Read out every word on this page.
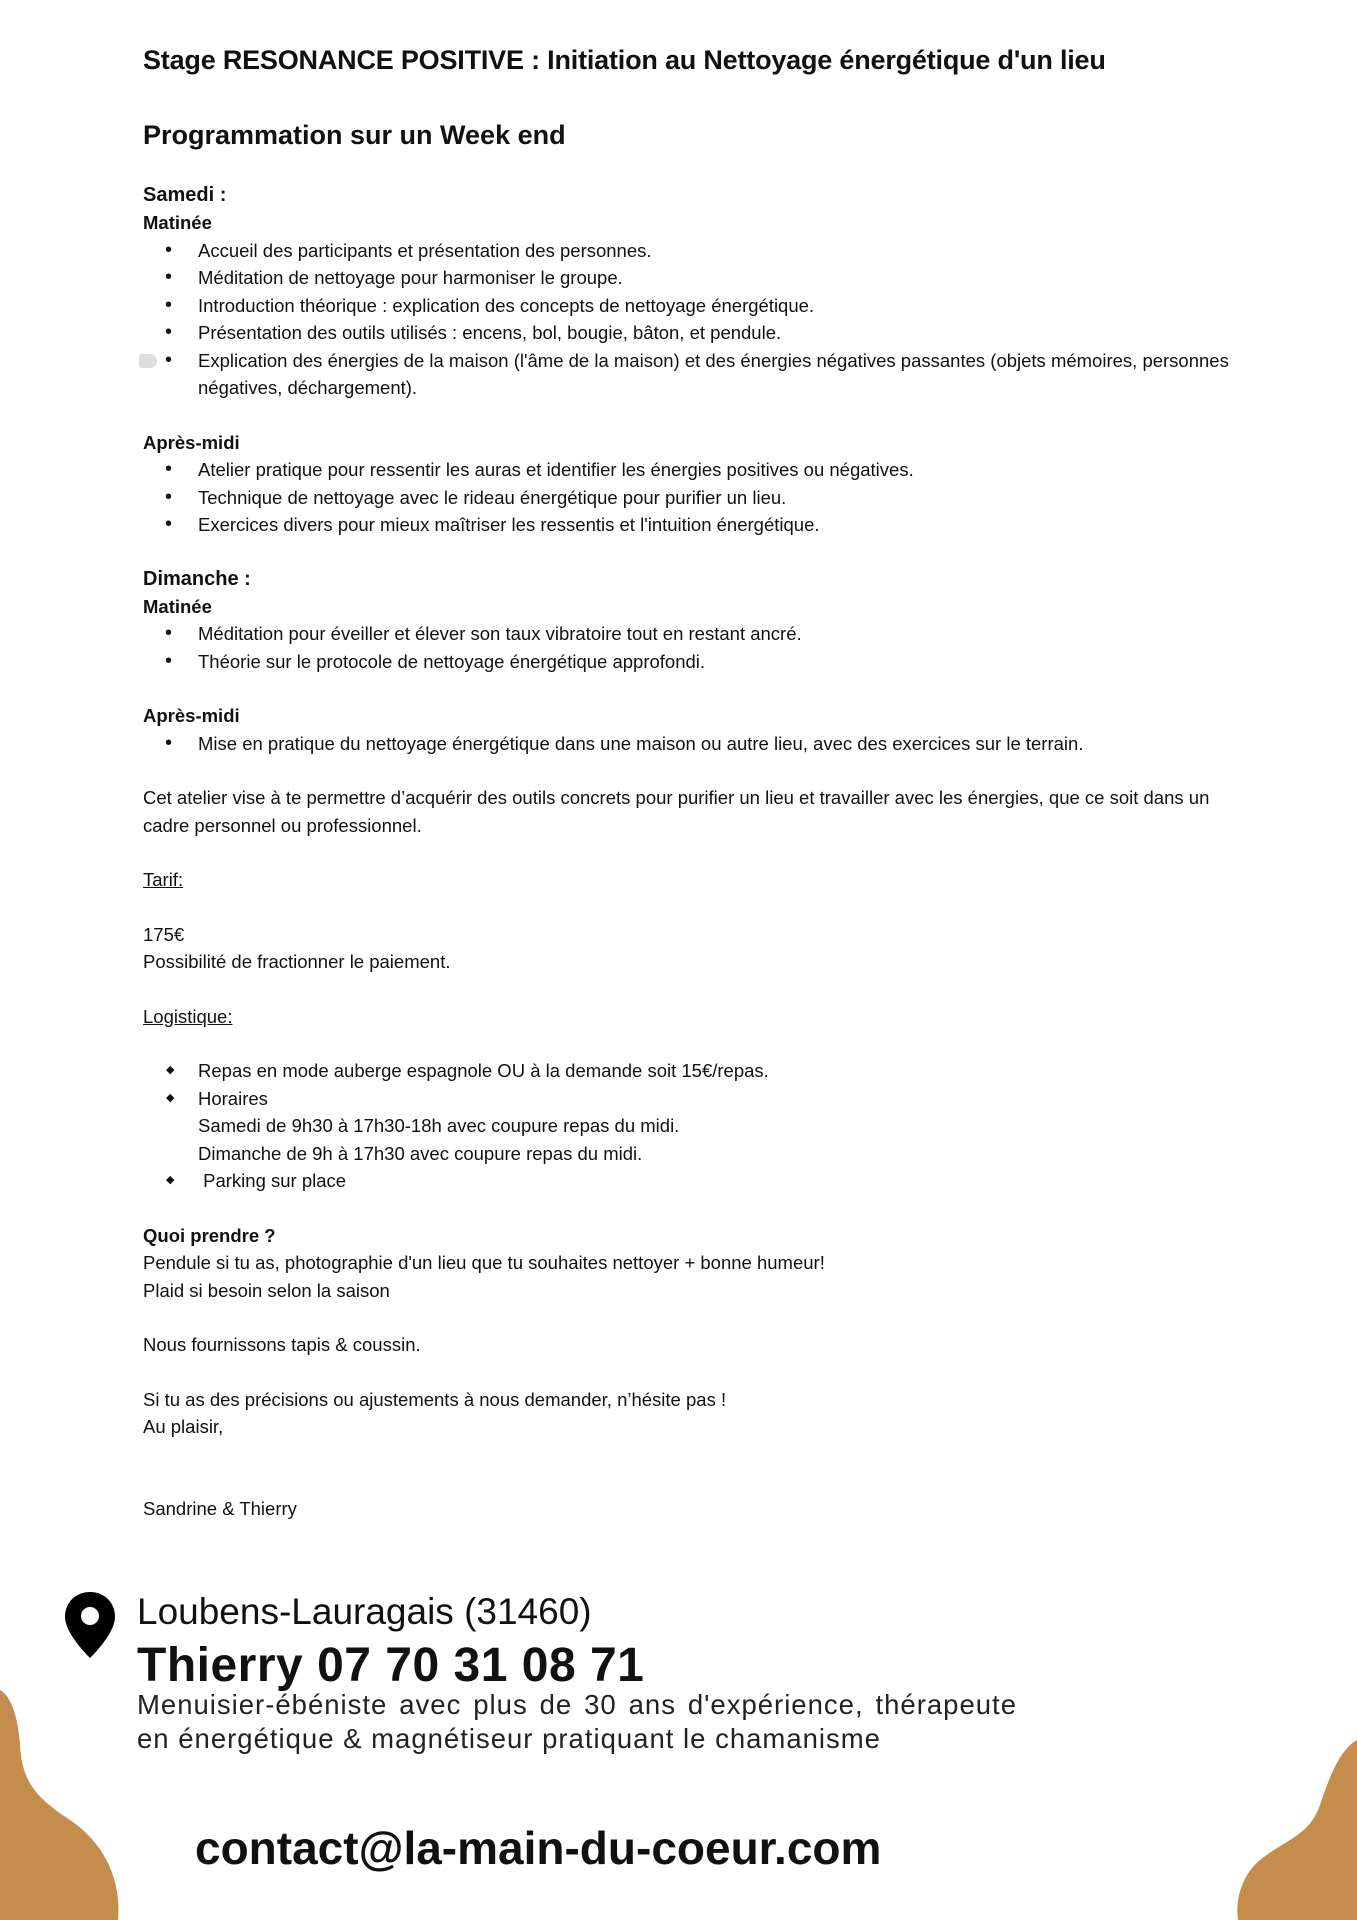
Stage RESONANCE POSITIVE : Initiation au Nettoyage énergétique d'un lieu
Programmation sur un Week end

Samedi :

Matinée

• Accueil des participants et présentation des personnes.
• Méditation de nettoyage pour harmoniser le groupe.
• Introduction théorique : explication des concepts de nettoyage énergétique.
• Présentation des outils utilisés : encens, bol, bougie, bâton, et pendule.
• Explication des énergies de la maison (l'âme de la maison) et des énergies négatives passantes (objets mémoires, personnes négatives, déchargement).

Après-midi

• Atelier pratique pour ressentir les auras et identifier les énergies positives ou négatives.
• Technique de nettoyage avec le rideau énergétique pour purifier un lieu.
• Exercices divers pour mieux maîtriser les ressentis et l'intuition énergétique.

Dimanche :

Matinée

• Méditation pour éveiller et élever son taux vibratoire tout en restant ancré.
• Théorie sur le protocole de nettoyage énergétique approfondi.

Après-midi

• Mise en pratique du nettoyage énergétique dans une maison ou autre lieu, avec des exercices sur le terrain.

Cet atelier vise à te permettre d’acquérir des outils concrets pour purifier un lieu et travailler avec les énergies, que ce soit dans un cadre personnel ou professionnel.

Tarif:

175€

Possibilité de fractionner le paiement.

Logistique:

◆ Repas en mode auberge espagnole OU à la demande soit 15€/repas.
◆ Horaires
Samedi de 9h30 à 17h30-18h avec coupure repas du midi.
Dimanche de 9h à 17h30 avec coupure repas du midi.
◆  Parking sur place

Quoi prendre ?

Pendule si tu as, photographie d'un lieu que tu souhaites nettoyer + bonne humeur!

Plaid si besoin selon la saison

Nous fournissons tapis & coussin.

Si tu as des précisions ou ajustements à nous demander, n’hésite pas !

Au plaisir,

Sandrine & Thierry

Loubens-Lauragais (31460)
Thierry 07 70 31 08 71
Menuisier-ébéniste avec plus de 30 ans d'expérience, thérapeute en énergétique & magnétiseur pratiquant le chamanisme
contact@la-main-du-coeur.com
